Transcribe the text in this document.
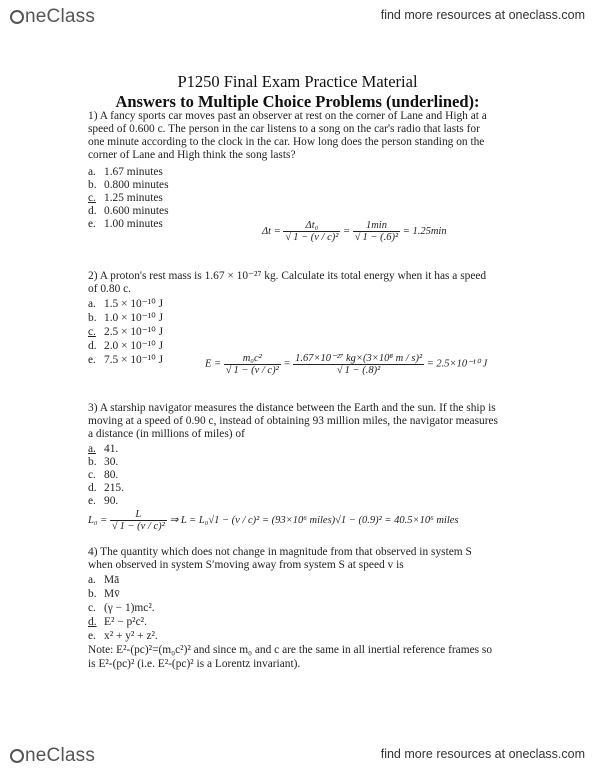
neClass	find more resources at oneclass.com
P1250 Final Exam Practice Material
Answers to Multiple Choice Problems (underlined):
1) A fancy sports car moves past an observer at rest on the corner of Lane and High at a
speed of 0.600 c. The person in the car listens to a song on the car's radio that lasts for
one minute according to the clock in the car. How long does the person standing on the
corner of Lane and High think the song lasts?
a. 1.67 minutes
b. 0.800 minutes
c. 1.25 minutes
d. 0.600 minutes
e. 1.00 minutes
$\Delta t = \frac{\text{Δt₀}}{\text{√ 1 − (v / c)²}} = \frac{1\min}{\text{√ 1 − (.6)²}} = 1.25\min$
2) A proton's rest mass is 1.67 × 10⁻²⁷ kg. Calculate its total energy when it has a speed
of 0.80 c.
a. 1.5 × 10⁻¹⁰ J
b. 1.0 × 10⁻¹⁰ J
c. 2.5 × 10⁻¹⁰ J
d. 2.0 × 10⁻¹⁰ J
e. 7.5 × 10⁻¹⁰ J	$E = \frac{\text{m₀c²}}{\text{√ 1 − (v / c)²}} = \frac{\text{1.67×10⁻²⁷ kg×(3×10⁸ m / s)²}}{\text{√ 1 − (.8)²}} = 2.5\times 10^{-10}$ J
3) A starship navigator measures the distance between the Earth and the sun. If the ship is
moving at a speed of 0.90 c, instead of obtaining 93 million miles, the navigator measures
a distance (in millions of miles) of
a. 41.
b. 30.
c. 80.
d. 215.
e. 90.
$L_0 = \frac{L}{\text{√ 1 − (v / c)²}}$ ⇒ L = L₀√1 − (v / c)² = (93×10⁶ miles)√1 − (0.9)² = 40.5×10⁶ miles
4) The quantity which does not change in magnitude from that observed in system S
when observed in system S′moving away from system S at speed v is
a. Mā
b. Mv̄
c. (γ − 1)mc².
d. E² − p²c².
e. x² + y² + z².
Note: E²-(pc)²=(m₀c²)² and since m₀ and c are the same in all inertial reference frames so
is E²-(pc)² (i.e. E²-(pc)² is a Lorentz invariant).
neClass	find more resources at oneclass.com
